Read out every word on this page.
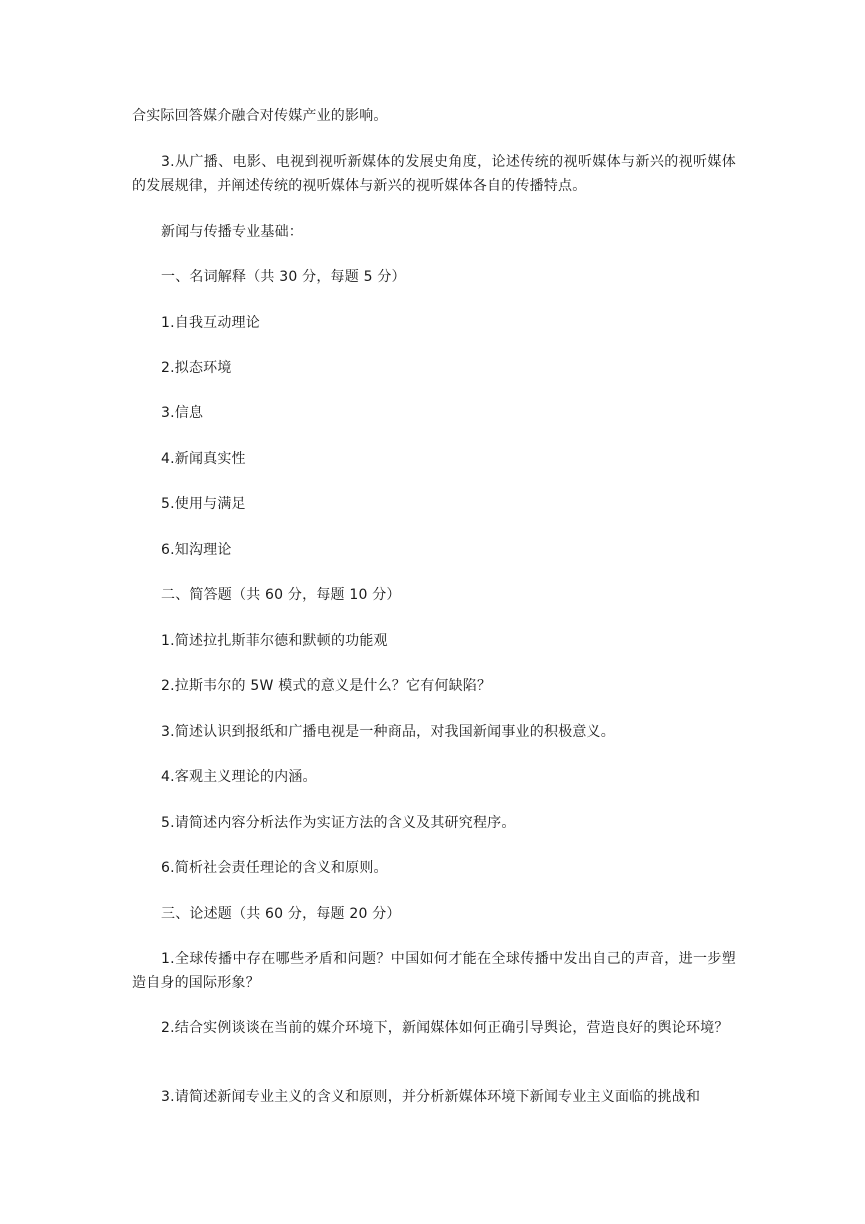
合实际回答媒介融合对传媒产业的影响。

3.从广播、电影、电视到视听新媒体的发展史角度，论述传统的视听媒体与新兴的视听媒体的发展规律，并阐述传统的视听媒体与新兴的视听媒体各自的传播特点。

新闻与传播专业基础：

一、名词解释（共 30 分，每题 5 分）

1.自我互动理论

2.拟态环境

3.信息

4.新闻真实性

5.使用与满足

6.知沟理论

二、简答题（共 60 分，每题 10 分）

1.简述拉扎斯菲尔德和默顿的功能观

2.拉斯韦尔的 5W 模式的意义是什么？它有何缺陷？

3.简述认识到报纸和广播电视是一种商品，对我国新闻事业的积极意义。

4.客观主义理论的内涵。

5.请简述内容分析法作为实证方法的含义及其研究程序。

6.简析社会责任理论的含义和原则。

三、论述题（共 60 分，每题 20 分）

1.全球传播中存在哪些矛盾和问题？中国如何才能在全球传播中发出自己的声音，进一步塑造自身的国际形象？

2.结合实例谈谈在当前的媒介环境下，新闻媒体如何正确引导舆论，营造良好的舆论环境？

3.请简述新闻专业主义的含义和原则，并分析新媒体环境下新闻专业主义面临的挑战和
